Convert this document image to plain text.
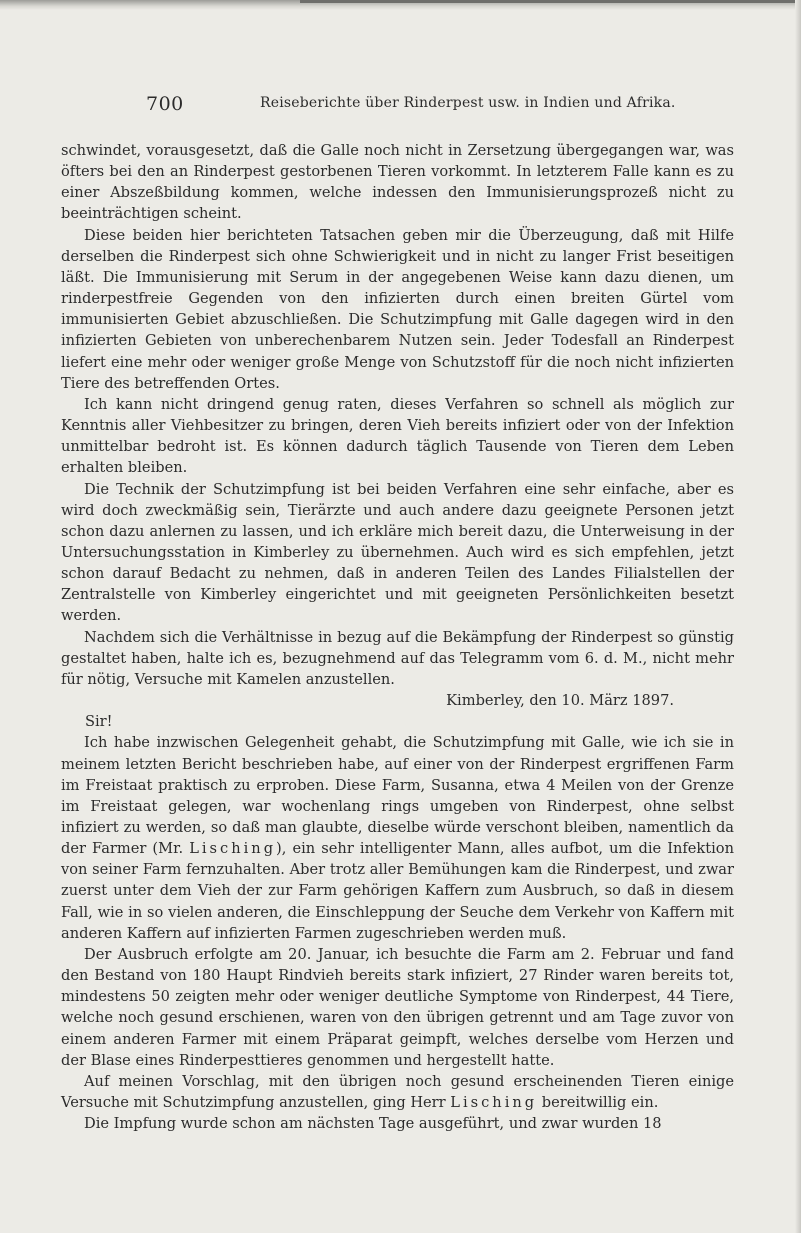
700	Reiseberichte über Rinderpest usw. in Indien und Afrika.

schwindet, vorausgesetzt, daß die Galle noch nicht in Zersetzung übergegangen war, was öfters bei den an Rinderpest gestorbenen Tieren vorkommt. In letzterem Falle kann es zu einer Abszeßbildung kommen, welche indessen den Immunisierungsprozeß nicht zu beeinträchtigen scheint.

Diese beiden hier berichteten Tatsachen geben mir die Überzeugung, daß mit Hilfe derselben die Rinderpest sich ohne Schwierigkeit und in nicht zu langer Frist beseitigen läßt. Die Immunisierung mit Serum in der angegebenen Weise kann dazu dienen, um rinderpestfreie Gegenden von den infizierten durch einen breiten Gürtel vom immunisierten Gebiet abzuschließen. Die Schutzimpfung mit Galle dagegen wird in den infizierten Gebieten von unberechenbarem Nutzen sein. Jeder Todesfall an Rinderpest liefert eine mehr oder weniger große Menge von Schutzstoff für die noch nicht infizierten Tiere des betreffenden Ortes.

Ich kann nicht dringend genug raten, dieses Verfahren so schnell als möglich zur Kenntnis aller Viehbesitzer zu bringen, deren Vieh bereits infiziert oder von der Infektion unmittelbar bedroht ist. Es können dadurch täglich Tausende von Tieren dem Leben erhalten bleiben.

Die Technik der Schutzimpfung ist bei beiden Verfahren eine sehr einfache, aber es wird doch zweckmäßig sein, Tierärzte und auch andere dazu geeignete Personen jetzt schon dazu anlernen zu lassen, und ich erkläre mich bereit dazu, die Unterweisung in der Untersuchungsstation in Kimberley zu übernehmen. Auch wird es sich empfehlen, jetzt schon darauf Bedacht zu nehmen, daß in anderen Teilen des Landes Filialstellen der Zentralstelle von Kimberley eingerichtet und mit geeigneten Persönlichkeiten besetzt werden.

Nachdem sich die Verhältnisse in bezug auf die Bekämpfung der Rinderpest so günstig gestaltet haben, halte ich es, bezugnehmend auf das Telegramm vom 6. d. M., nicht mehr für nötig, Versuche mit Kamelen anzustellen.

Kimberley, den 10. März 1897.

Sir!

Ich habe inzwischen Gelegenheit gehabt, die Schutzimpfung mit Galle, wie ich sie in meinem letzten Bericht beschrieben habe, auf einer von der Rinderpest ergriffenen Farm im Freistaat praktisch zu erproben. Diese Farm, Susanna, etwa 4 Meilen von der Grenze im Freistaat gelegen, war wochenlang rings umgeben von Rinderpest, ohne selbst infiziert zu werden, so daß man glaubte, dieselbe würde verschont bleiben, namentlich da der Farmer (Mr. Lisching), ein sehr intelligenter Mann, alles aufbot, um die Infektion von seiner Farm fernzuhalten. Aber trotz aller Bemühungen kam die Rinderpest, und zwar zuerst unter dem Vieh der zur Farm gehörigen Kaffern zum Ausbruch, so daß in diesem Fall, wie in so vielen anderen, die Einschleppung der Seuche dem Verkehr von Kaffern mit anderen Kaffern auf infizierten Farmen zugeschrieben werden muß.

Der Ausbruch erfolgte am 20. Januar, ich besuchte die Farm am 2. Februar und fand den Bestand von 180 Haupt Rindvieh bereits stark infiziert, 27 Rinder waren bereits tot, mindestens 50 zeigten mehr oder weniger deutliche Symptome von Rinderpest, 44 Tiere, welche noch gesund erschienen, waren von den übrigen getrennt und am Tage zuvor von einem anderen Farmer mit einem Präparat geimpft, welches derselbe vom Herzen und der Blase eines Rinderpesttieres genommen und hergestellt hatte.

Auf meinen Vorschlag, mit den übrigen noch gesund erscheinenden Tieren einige Versuche mit Schutzimpfung anzustellen, ging Herr Lisching bereitwillig ein.

Die Impfung wurde schon am nächsten Tage ausgeführt, und zwar wurden 18
